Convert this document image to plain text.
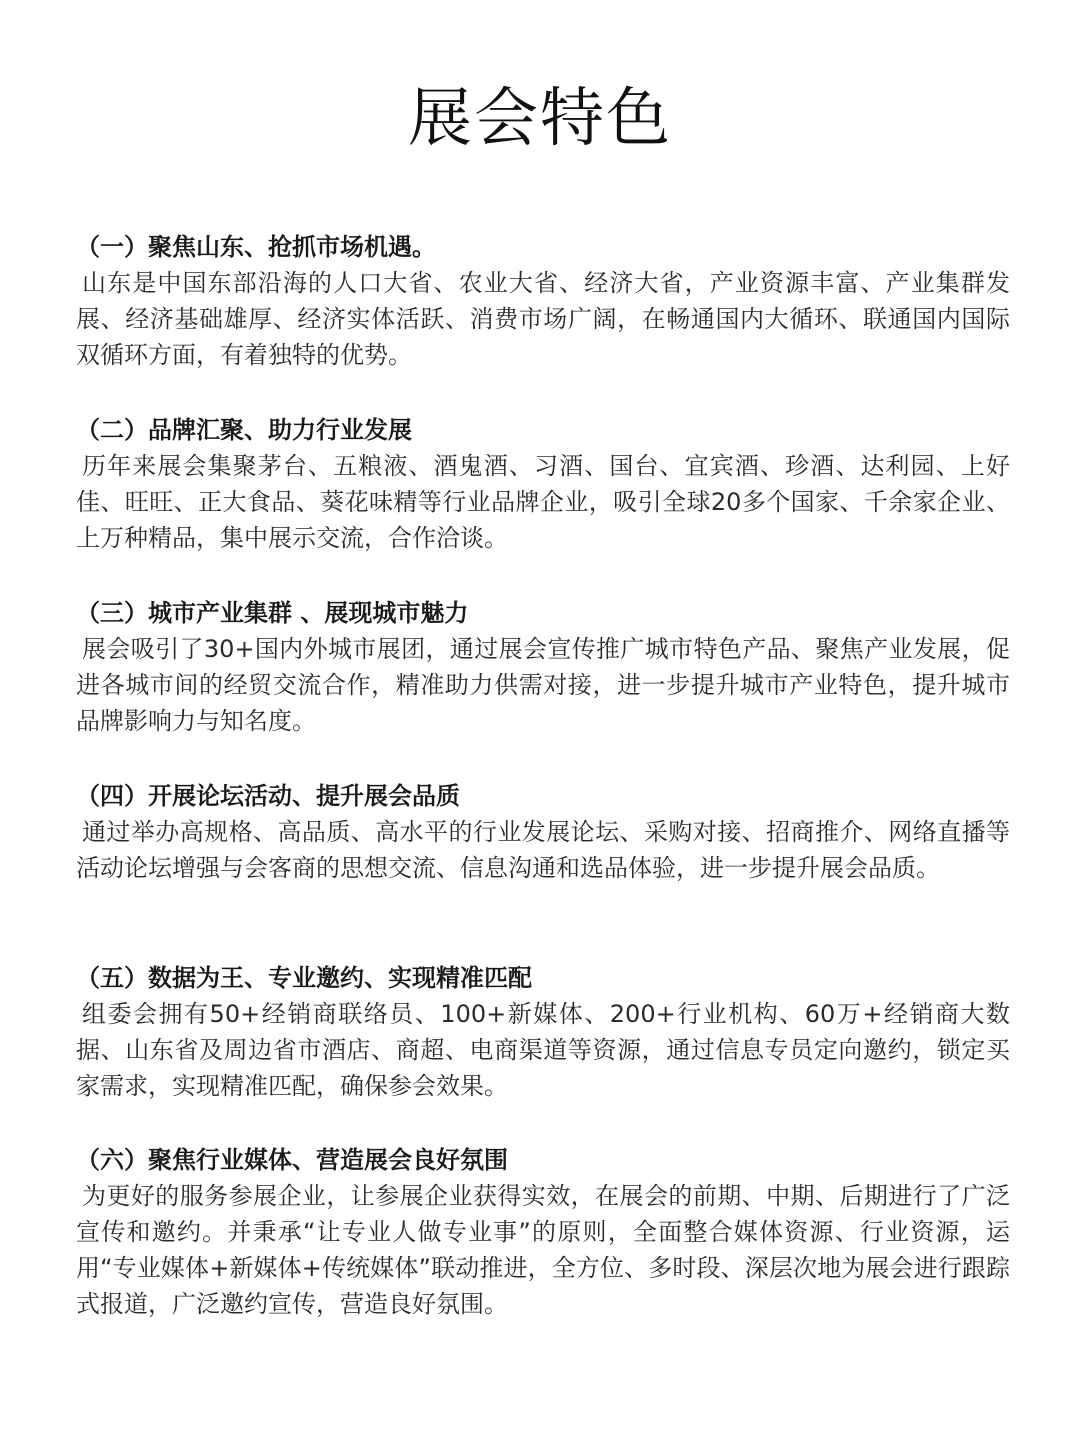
展会特色

（一）聚焦山东、抢抓市场机遇。

山东是中国东部沿海的人口大省、农业大省、经济大省，产业资源丰富、产业集群发展、经济基础雄厚、经济实体活跃、消费市场广阔，在畅通国内大循环、联通国内国际双循环方面，有着独特的优势。

（二）品牌汇聚、助力行业发展

历年来展会集聚茅台、五粮液、酒鬼酒、习酒、国台、宜宾酒、珍酒、达利园、上好佳、旺旺、正大食品、葵花味精等行业品牌企业，吸引全球20多个国家、千余家企业、上万种精品，集中展示交流，合作洽谈。

（三）城市产业集群 、展现城市魅力

展会吸引了30+国内外城市展团，通过展会宣传推广城市特色产品、聚焦产业发展，促进各城市间的经贸交流合作，精准助力供需对接，进一步提升城市产业特色，提升城市品牌影响力与知名度。

（四）开展论坛活动、提升展会品质

通过举办高规格、高品质、高水平的行业发展论坛、采购对接、招商推介、网络直播等活动论坛增强与会客商的思想交流、信息沟通和选品体验，进一步提升展会品质。

（五）数据为王、专业邀约、实现精准匹配

组委会拥有50+经销商联络员、100+新媒体、200+行业机构、60万+经销商大数据、山东省及周边省市酒店、商超、电商渠道等资源，通过信息专员定向邀约，锁定买家需求，实现精准匹配，确保参会效果。

（六）聚焦行业媒体、营造展会良好氛围

为更好的服务参展企业，让参展企业获得实效，在展会的前期、中期、后期进行了广泛宣传和邀约。并秉承“让专业人做专业事”的原则，全面整合媒体资源、行业资源，运用“专业媒体+新媒体+传统媒体”联动推进，全方位、多时段、深层次地为展会进行跟踪式报道，广泛邀约宣传，营造良好氛围。
